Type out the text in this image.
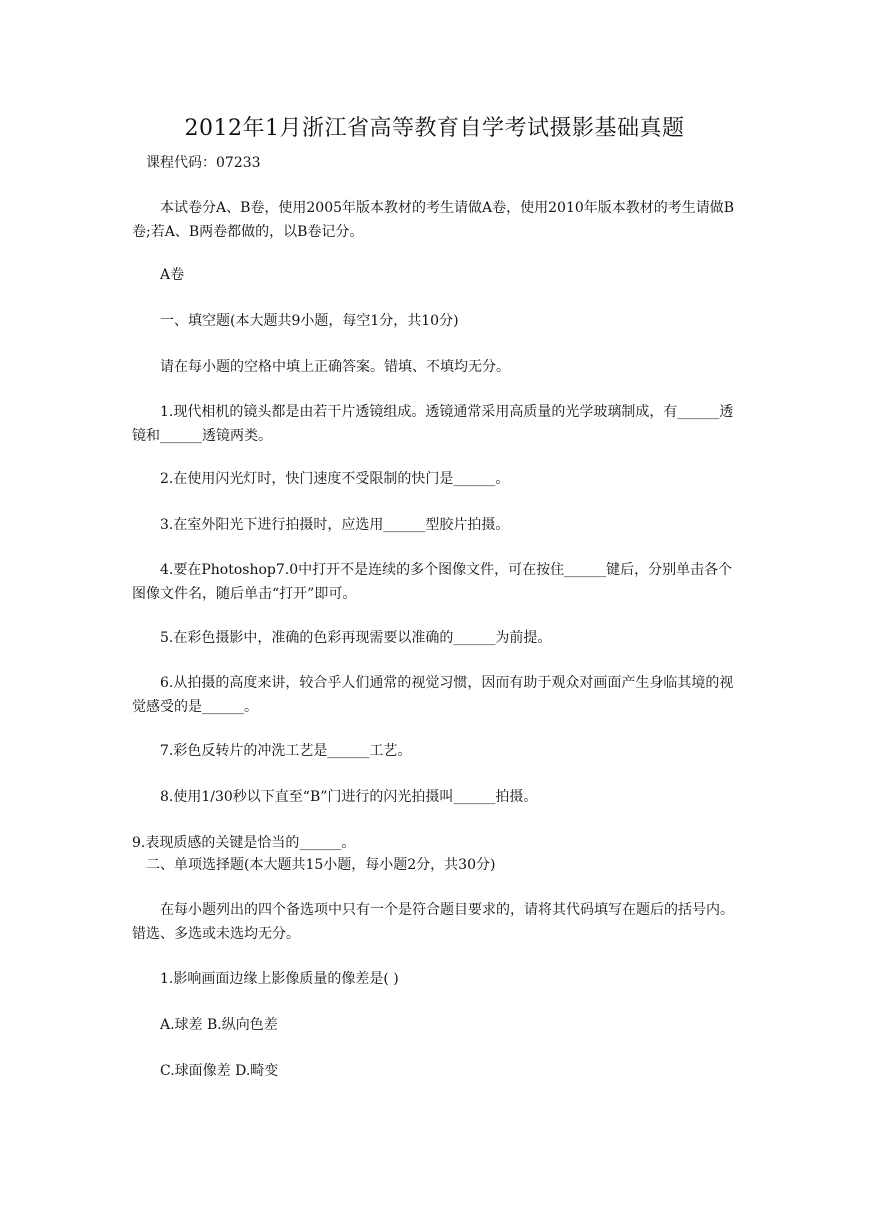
2012年1月浙江省高等教育自学考试摄影基础真题
课程代码：07233
本试卷分A、B卷，使用2005年版本教材的考生请做A卷，使用2010年版本教材的考生请做B卷;若A、B两卷都做的，以B卷记分。
A卷
一、填空题(本大题共9小题，每空1分，共10分)
请在每小题的空格中填上正确答案。错填、不填均无分。
1.现代相机的镜头都是由若干片透镜组成。透镜通常采用高质量的光学玻璃制成，有______透镜和______透镜两类。
2.在使用闪光灯时，快门速度不受限制的快门是______。
3.在室外阳光下进行拍摄时，应选用______型胶片拍摄。
4.要在Photoshop7.0中打开不是连续的多个图像文件，可在按住______键后，分别单击各个图像文件名，随后单击“打开”即可。
5.在彩色摄影中，准确的色彩再现需要以准确的______为前提。
6.从拍摄的高度来讲，较合乎人们通常的视觉习惯，因而有助于观众对画面产生身临其境的视觉感受的是______。
7.彩色反转片的冲洗工艺是______工艺。
8.使用1/30秒以下直至“B”门进行的闪光拍摄叫______拍摄。
9.表现质感的关键是恰当的______。
二、单项选择题(本大题共15小题，每小题2分，共30分)
在每小题列出的四个备选项中只有一个是符合题目要求的，请将其代码填写在题后的括号内。错选、多选或未选均无分。
1.影响画面边缘上影像质量的像差是( )
A.球差 B.纵向色差
C.球面像差 D.畸变
